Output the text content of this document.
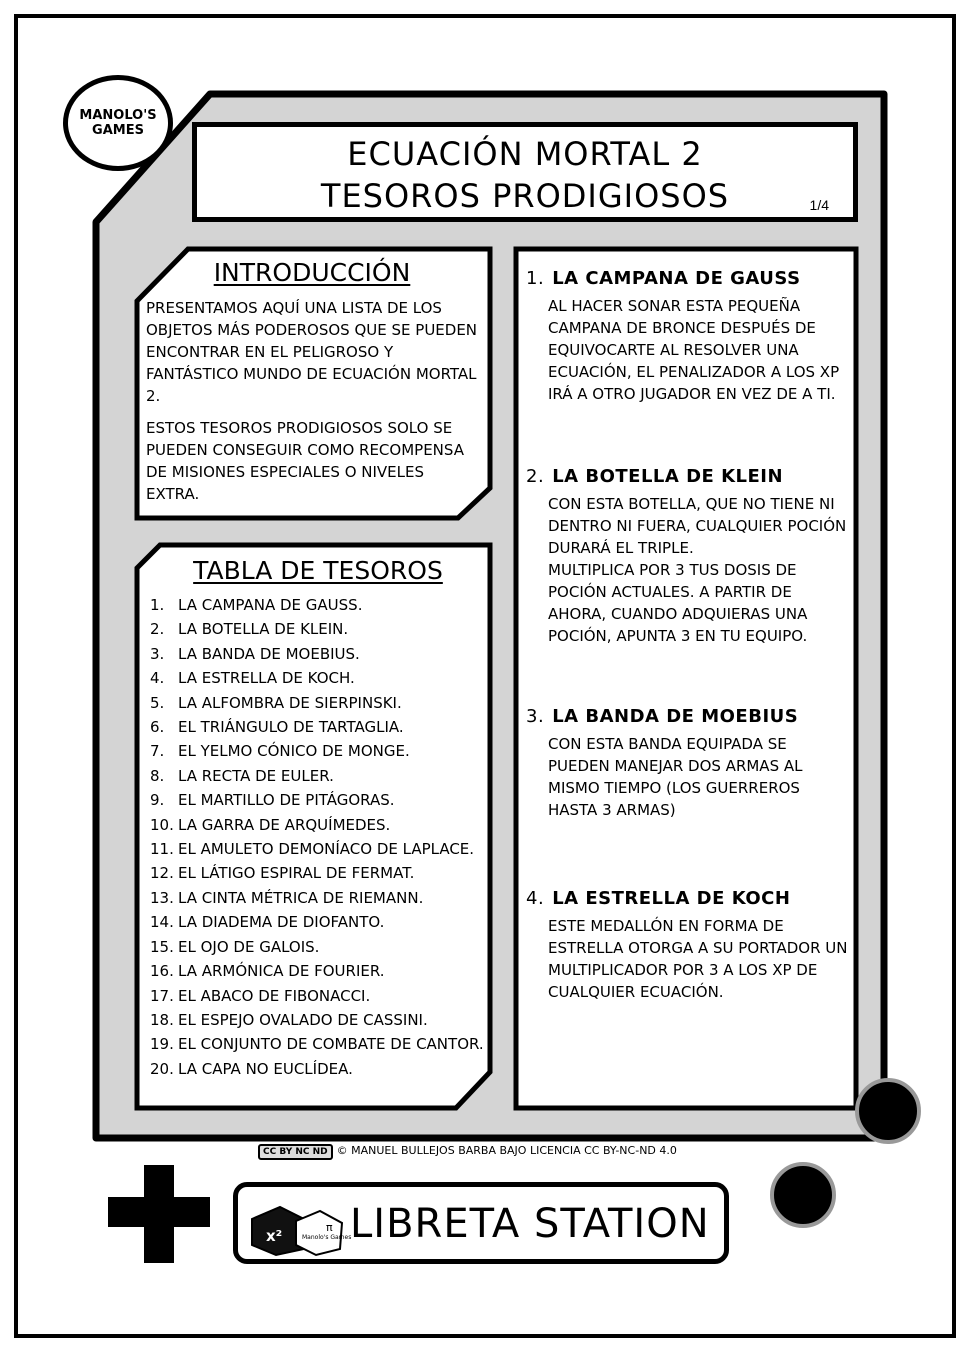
MANOLO'S
GAMES
ECUACIÓN MORTAL 2
TESOROS PRODIGIOSOS	1/4
INTRODUCCIÓN
PRESENTAMOS AQUÍ UNA LISTA DE LOS OBJETOS MÁS PODEROSOS QUE SE PUEDEN ENCONTRAR EN EL PELIGROSO Y FANTÁSTICO MUNDO DE ECUACIÓN MORTAL 2.
ESTOS TESOROS PRODIGIOSOS SOLO SE PUEDEN CONSEGUIR COMO RECOMPENSA DE MISIONES ESPECIALES O NIVELES EXTRA.
TABLA DE TESOROS
1. LA CAMPANA DE GAUSS.
2. LA BOTELLA DE KLEIN.
3. LA BANDA DE MOEBIUS.
4. LA ESTRELLA DE KOCH.
5. LA ALFOMBRA DE SIERPINSKI.
6. EL TRIÁNGULO DE TARTAGLIA.
7. EL YELMO CÓNICO DE MONGE.
8. LA RECTA DE EULER.
9. EL MARTILLO DE PITÁGORAS.
10. LA GARRA DE ARQUÍMEDES.
11. EL AMULETO DEMONÍACO DE LAPLACE.
12. EL LÁTIGO ESPIRAL DE FERMAT.
13. LA CINTA MÉTRICA DE RIEMANN.
14. LA DIADEMA DE DIOFANTO.
15. EL OJO DE GALOIS.
16. LA ARMÓNICA DE FOURIER.
17. EL ABACO DE FIBONACCI.
18. EL ESPEJO OVALADO DE CASSINI.
19. EL CONJUNTO DE COMBATE DE CANTOR.
20. LA CAPA NO EUCLÍDEA.
1. LA CAMPANA DE GAUSS
AL HACER SONAR ESTA PEQUEÑA CAMPANA DE BRONCE DESPUÉS DE EQUIVOCARTE AL RESOLVER UNA ECUACIÓN, EL PENALIZADOR A LOS XP IRÁ A OTRO JUGADOR EN VEZ DE A TI.
2. LA BOTELLA DE KLEIN
CON ESTA BOTELLA, QUE NO TIENE NI DENTRO NI FUERA, CUALQUIER POCIÓN DURARÁ EL TRIPLE.
MULTIPLICA POR 3 TUS DOSIS DE POCIÓN ACTUALES. A PARTIR DE AHORA, CUANDO ADQUIERAS UNA POCIÓN, APUNTA 3 EN TU EQUIPO.
3. LA BANDA DE MOEBIUS
CON ESTA BANDA EQUIPADA SE PUEDEN MANEJAR DOS ARMAS AL MISMO TIEMPO (LOS GUERREROS HASTA 3 ARMAS)
4. LA ESTRELLA DE KOCH
ESTE MEDALLÓN EN FORMA DE ESTRELLA OTORGA A SU PORTADOR UN MULTIPLICADOR POR 3 A LOS XP DE CUALQUIER ECUACIÓN.
CC BY NC ND © MANUEL BULLEJOS BARBA BAJO LICENCIA CC BY-NC-ND 4.0
x²	Manolo's Games
π LIBRETA STATION
